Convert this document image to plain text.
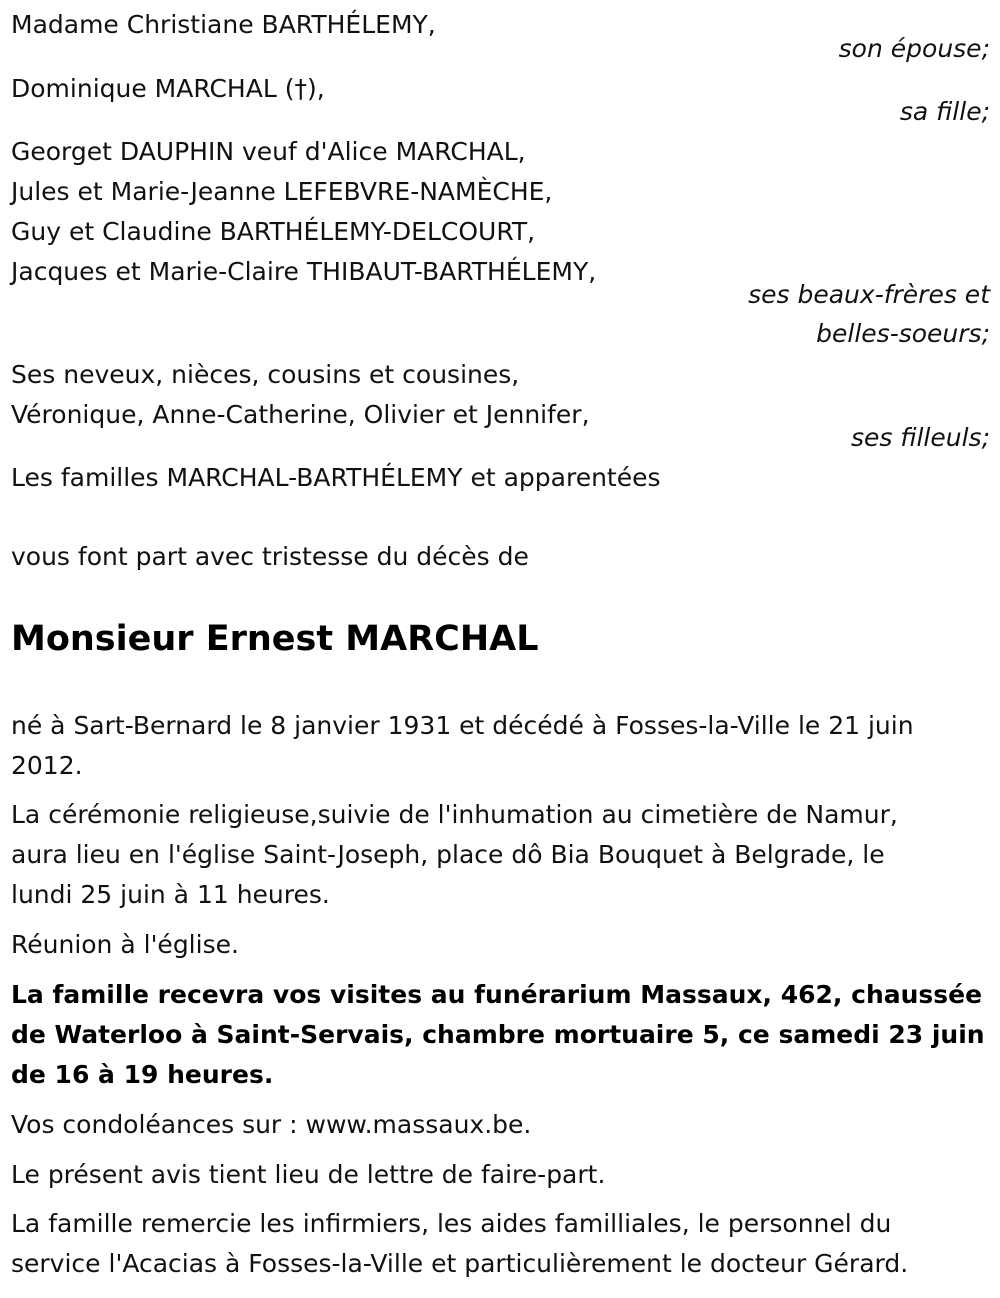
Madame Christiane BARTHÉLEMY,
son épouse;
Dominique MARCHAL (†),
sa fille;
Georget DAUPHIN veuf d'Alice MARCHAL,
Jules et Marie-Jeanne LEFEBVRE-NAMÈCHE,
Guy et Claudine BARTHÉLEMY-DELCOURT,
Jacques et Marie-Claire THIBAUT-BARTHÉLEMY,
ses beaux-frères et
belles-soeurs;
Ses neveux, nièces, cousins et cousines,
Véronique, Anne-Catherine, Olivier et Jennifer,
ses filleuls;
Les familles MARCHAL-BARTHÉLEMY et apparentées
vous font part avec tristesse du décès de
Monsieur Ernest MARCHAL
né à Sart-Bernard le 8 janvier 1931 et décédé à Fosses-la-Ville le 21 juin
2012.
La cérémonie religieuse,suivie de l'inhumation au cimetière de Namur,
aura lieu en l'église Saint-Joseph, place dô Bia Bouquet à Belgrade, le
lundi 25 juin à 11 heures.
Réunion à l'église.
La famille recevra vos visites au funérarium Massaux, 462, chaussée
de Waterloo à Saint-Servais, chambre mortuaire 5, ce samedi 23 juin
de 16 à 19 heures.
Vos condoléances sur : www.massaux.be.
Le présent avis tient lieu de lettre de faire-part.
La famille remercie les infirmiers, les aides familliales, le personnel du
service l'Acacias à Fosses-la-Ville et particulièrement le docteur Gérard.
